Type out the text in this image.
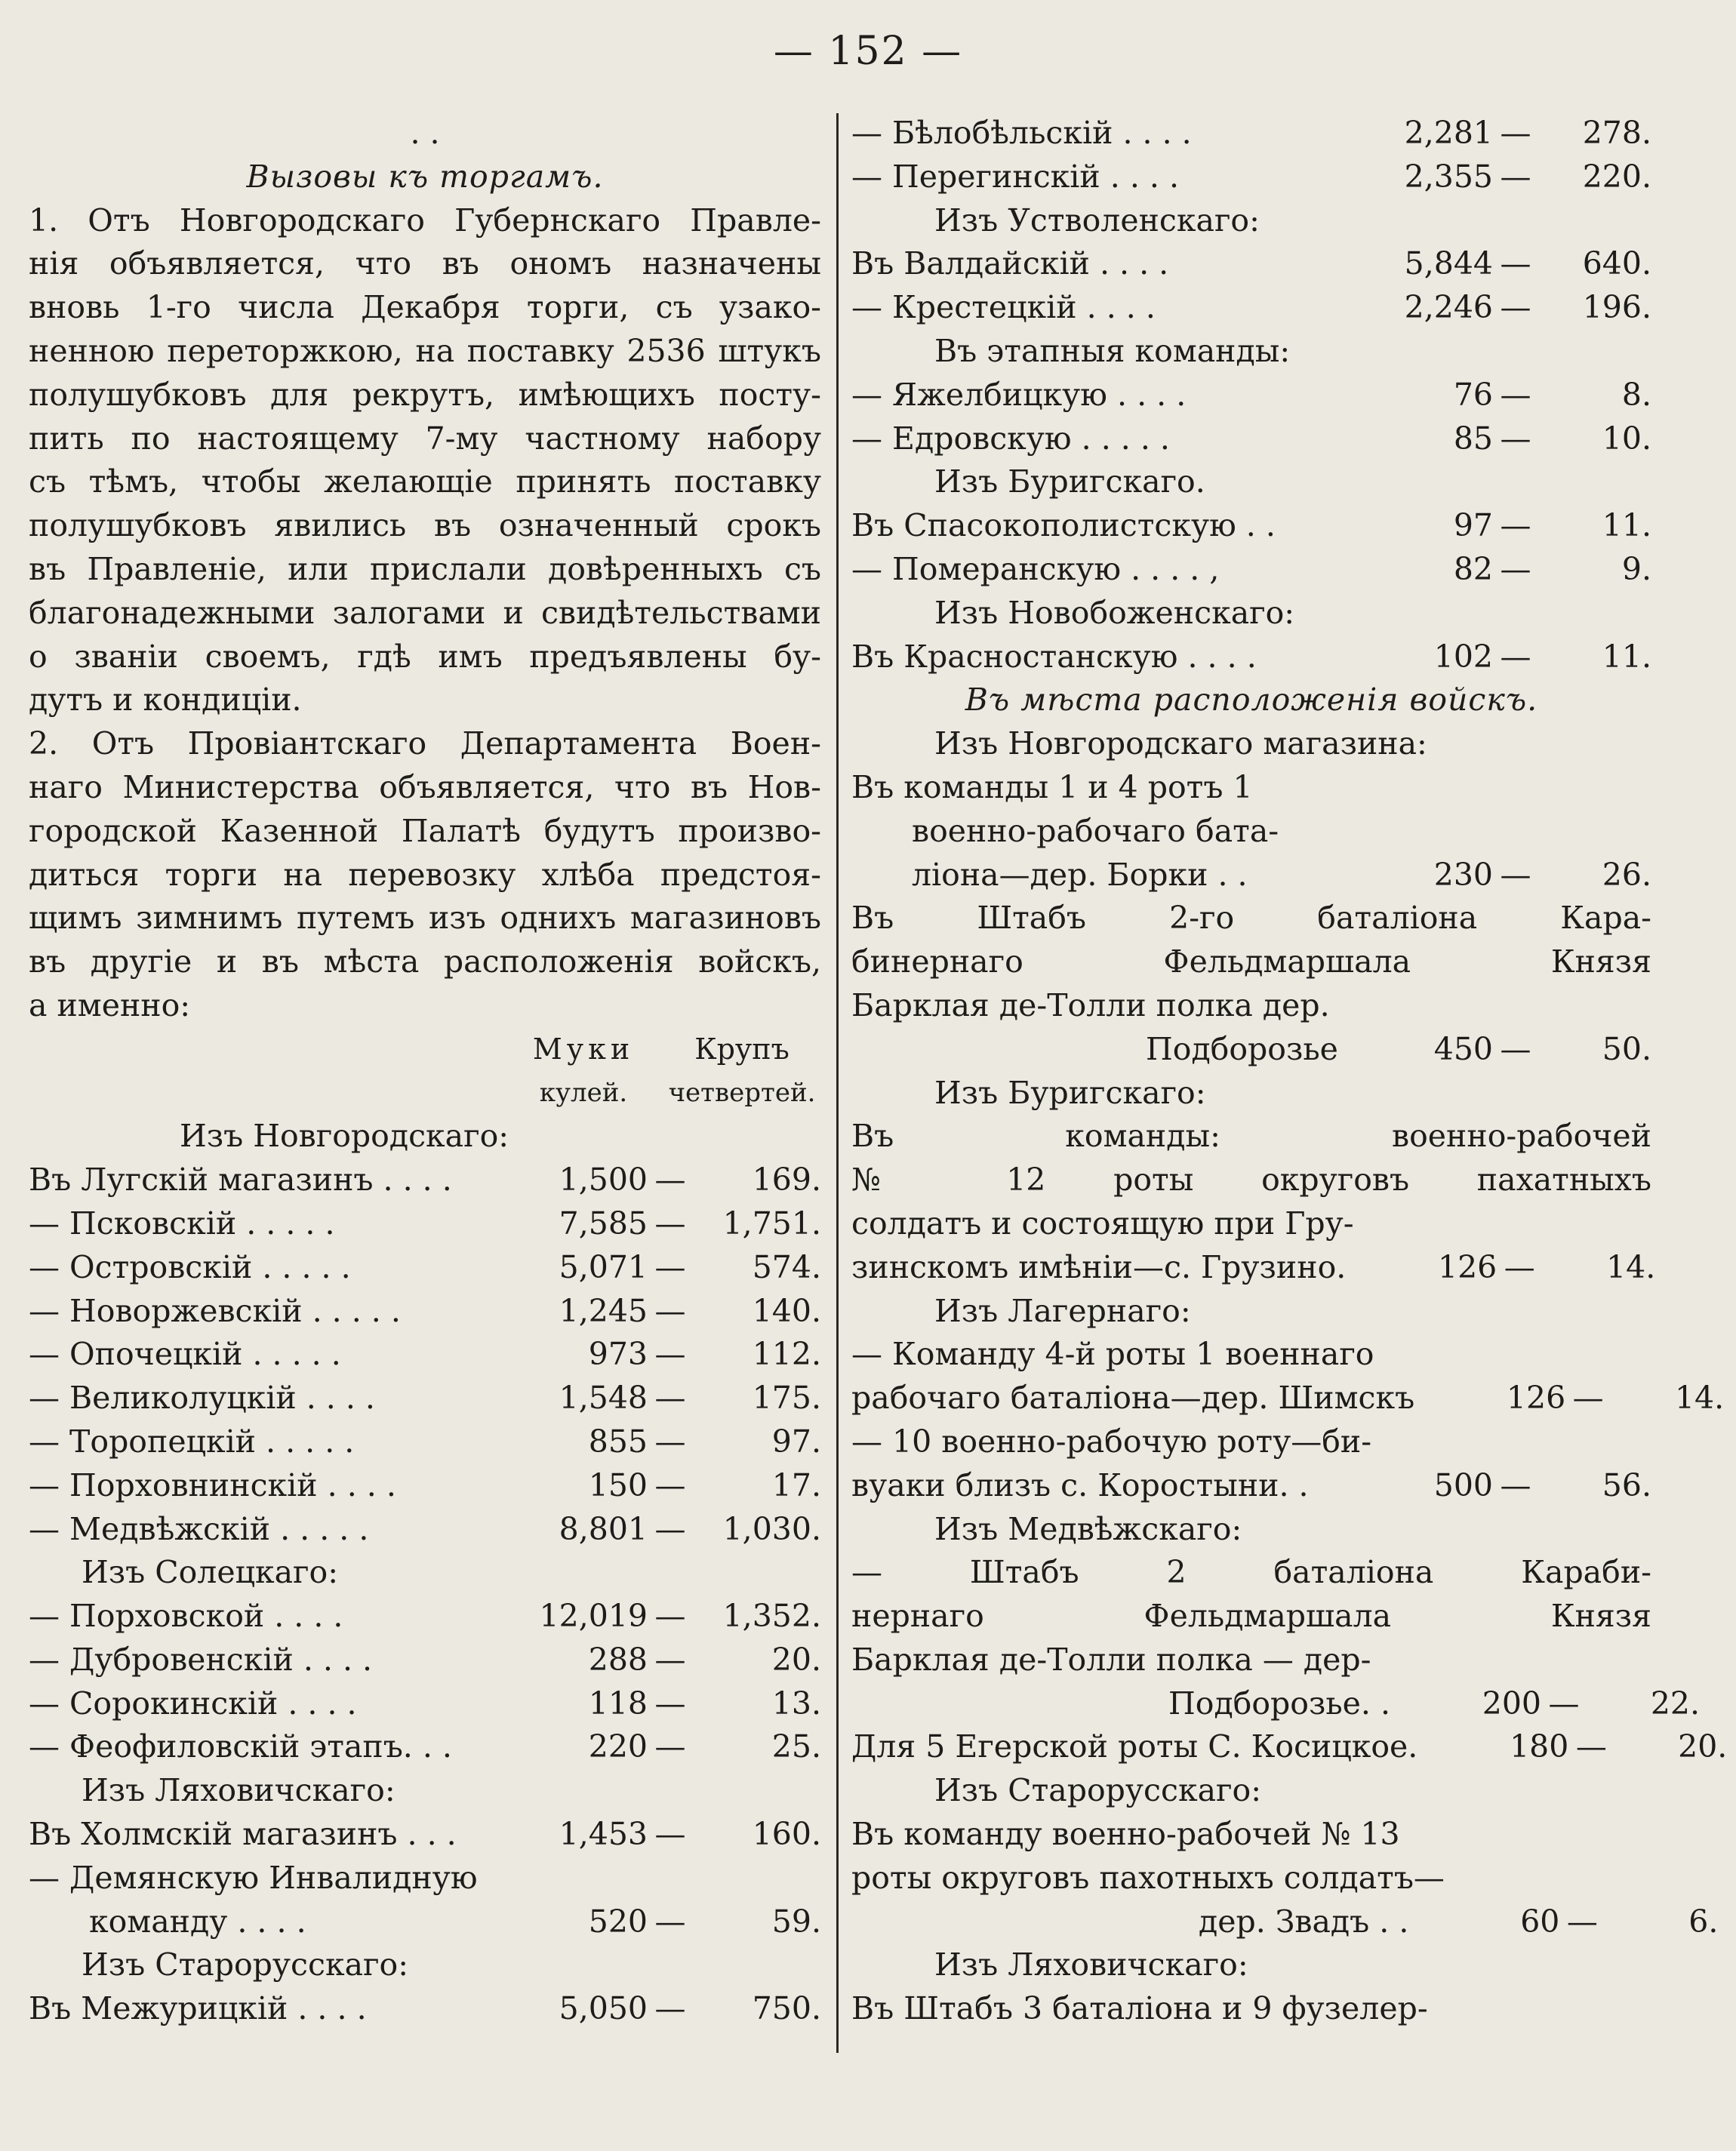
— 152 —
. .
Вызовы къ торгамъ.
1. Отъ Новгородскаго Губернскаго Правле-
нія объявляется, что въ ономъ назначены
вновь 1-го числа Декабря торги, съ узако-
ненною переторжкою, на поставку 2536 штукъ
полушубковъ для рекрутъ, имѣющихъ посту-
пить по настоящему 7-му частному набору
съ тѣмъ, чтобы желающіе принять поставку
полушубковъ явились въ означенный срокъ
въ Правленіе, или прислали довѣренныхъ съ
благонадежными залогами и свидѣтельствами
о званіи своемъ, гдѣ имъ предъявлены бу-
дутъ и кондиціи.
2. Отъ Провіантскаго Департамента Воен-
наго Министерства объявляется, что въ Нов-
городской Казенной Палатѣ будутъ произво-
диться торги на перевозку хлѣба предстоя-
щимъ зимнимъ путемъ изъ однихъ магазиновъ
въ другіе и въ мѣста расположенія войскъ,
а именно:
Муки	Крупъ
кулей.	четвертей.
Изъ Новгородскаго:
Въ Лугскій магазинъ . . . .	1,500 —	169.
— Псковскій . . . . .	7,585 —	1,751.
— Островскій . . . . .	5,071 —	574.
— Новоржевскій . . . . .	1,245 —	140.
— Опочецкій . . . . .	973 —	112.
— Великолуцкій . . . .	1,548 —	175.
— Торопецкій . . . . .	855 —	97.
— Порховнинскій . . . .	150 —	17.
— Медвѣжскій . . . . .	8,801 —	1,030.
Изъ Солецкаго:
— Порховской . . . .	12,019 —	1,352.
— Дубровенскій . . . .	288 —	20.
— Сорокинскій . . . .	118 —	13.
— Феофиловскій этапъ. . .	220 —	25.
Изъ Ляховичскаго:
Въ Холмскій магазинъ . . .	1,453 —	160.
— Демянскую Инвалидную
команду . . . .	520 —	59.
Изъ Старорусскаго:
Въ Межурицкій . . . .	5,050 —	750.
— Бѣлобѣльскій . . . .	2,281 —	278.
— Перегинскій . . . .	2,355 —	220.
Изъ Устволенскаго:
Въ Валдайскій . . . .	5,844 —	640.
— Крестецкій . . . .	2,246 —	196.
Въ этапныя команды:
— Яжелбицкую . . . .	76 —	8.
— Едровскую . . . . .	85 —	10.
Изъ Буригскаго.
Въ Спасокополистскую . .	97 —	11.
— Померанскую . . . . ,	82 —	9.
Изъ Новобоженскаго:
Въ Красностанскую . . . .	102 —	11.
Въ мѣста расположенія войскъ.
Изъ Новгородскаго магазина:
Въ команды 1 и 4 ротъ 1
военно-рабочаго бата-
ліона—дер. Борки . .	230 —	26.
Въ Штабъ 2-го баталіона Кара-
бинернаго Фельдмаршала Князя
Барклая де-Толли полка дер.
Подборозье	450 —	50.
Изъ Буригскаго:
Въ команды: военно-рабочей
№ 12 роты округовъ пахатныхъ
солдатъ и состоящую при Гру-
зинскомъ имѣніи—с. Грузино.	126 —	14.
Изъ Лагернаго:
— Команду 4-й роты 1 военнаго
рабочаго баталіона—дер. Шимскъ	126 —	14.
— 10 военно-рабочую роту—би-
вуаки близъ с. Коростыни. .	500 —	56.
Изъ Медвѣжскаго:
— Штабъ 2 баталіона Караби-
нернаго Фельдмаршала Князя
Барклая де-Толли полка — дер-
Подборозье. .	200 —	22.
Для 5 Егерской роты С. Косицкое.	180 —	20.
Изъ Старорусскаго:
Въ команду военно-рабочей № 13
роты округовъ пахотныхъ солдатъ—
дер. Звадъ . .	60 —	6.
Изъ Ляховичскаго:
Въ Штабъ 3 баталіона и 9 фузелер-
